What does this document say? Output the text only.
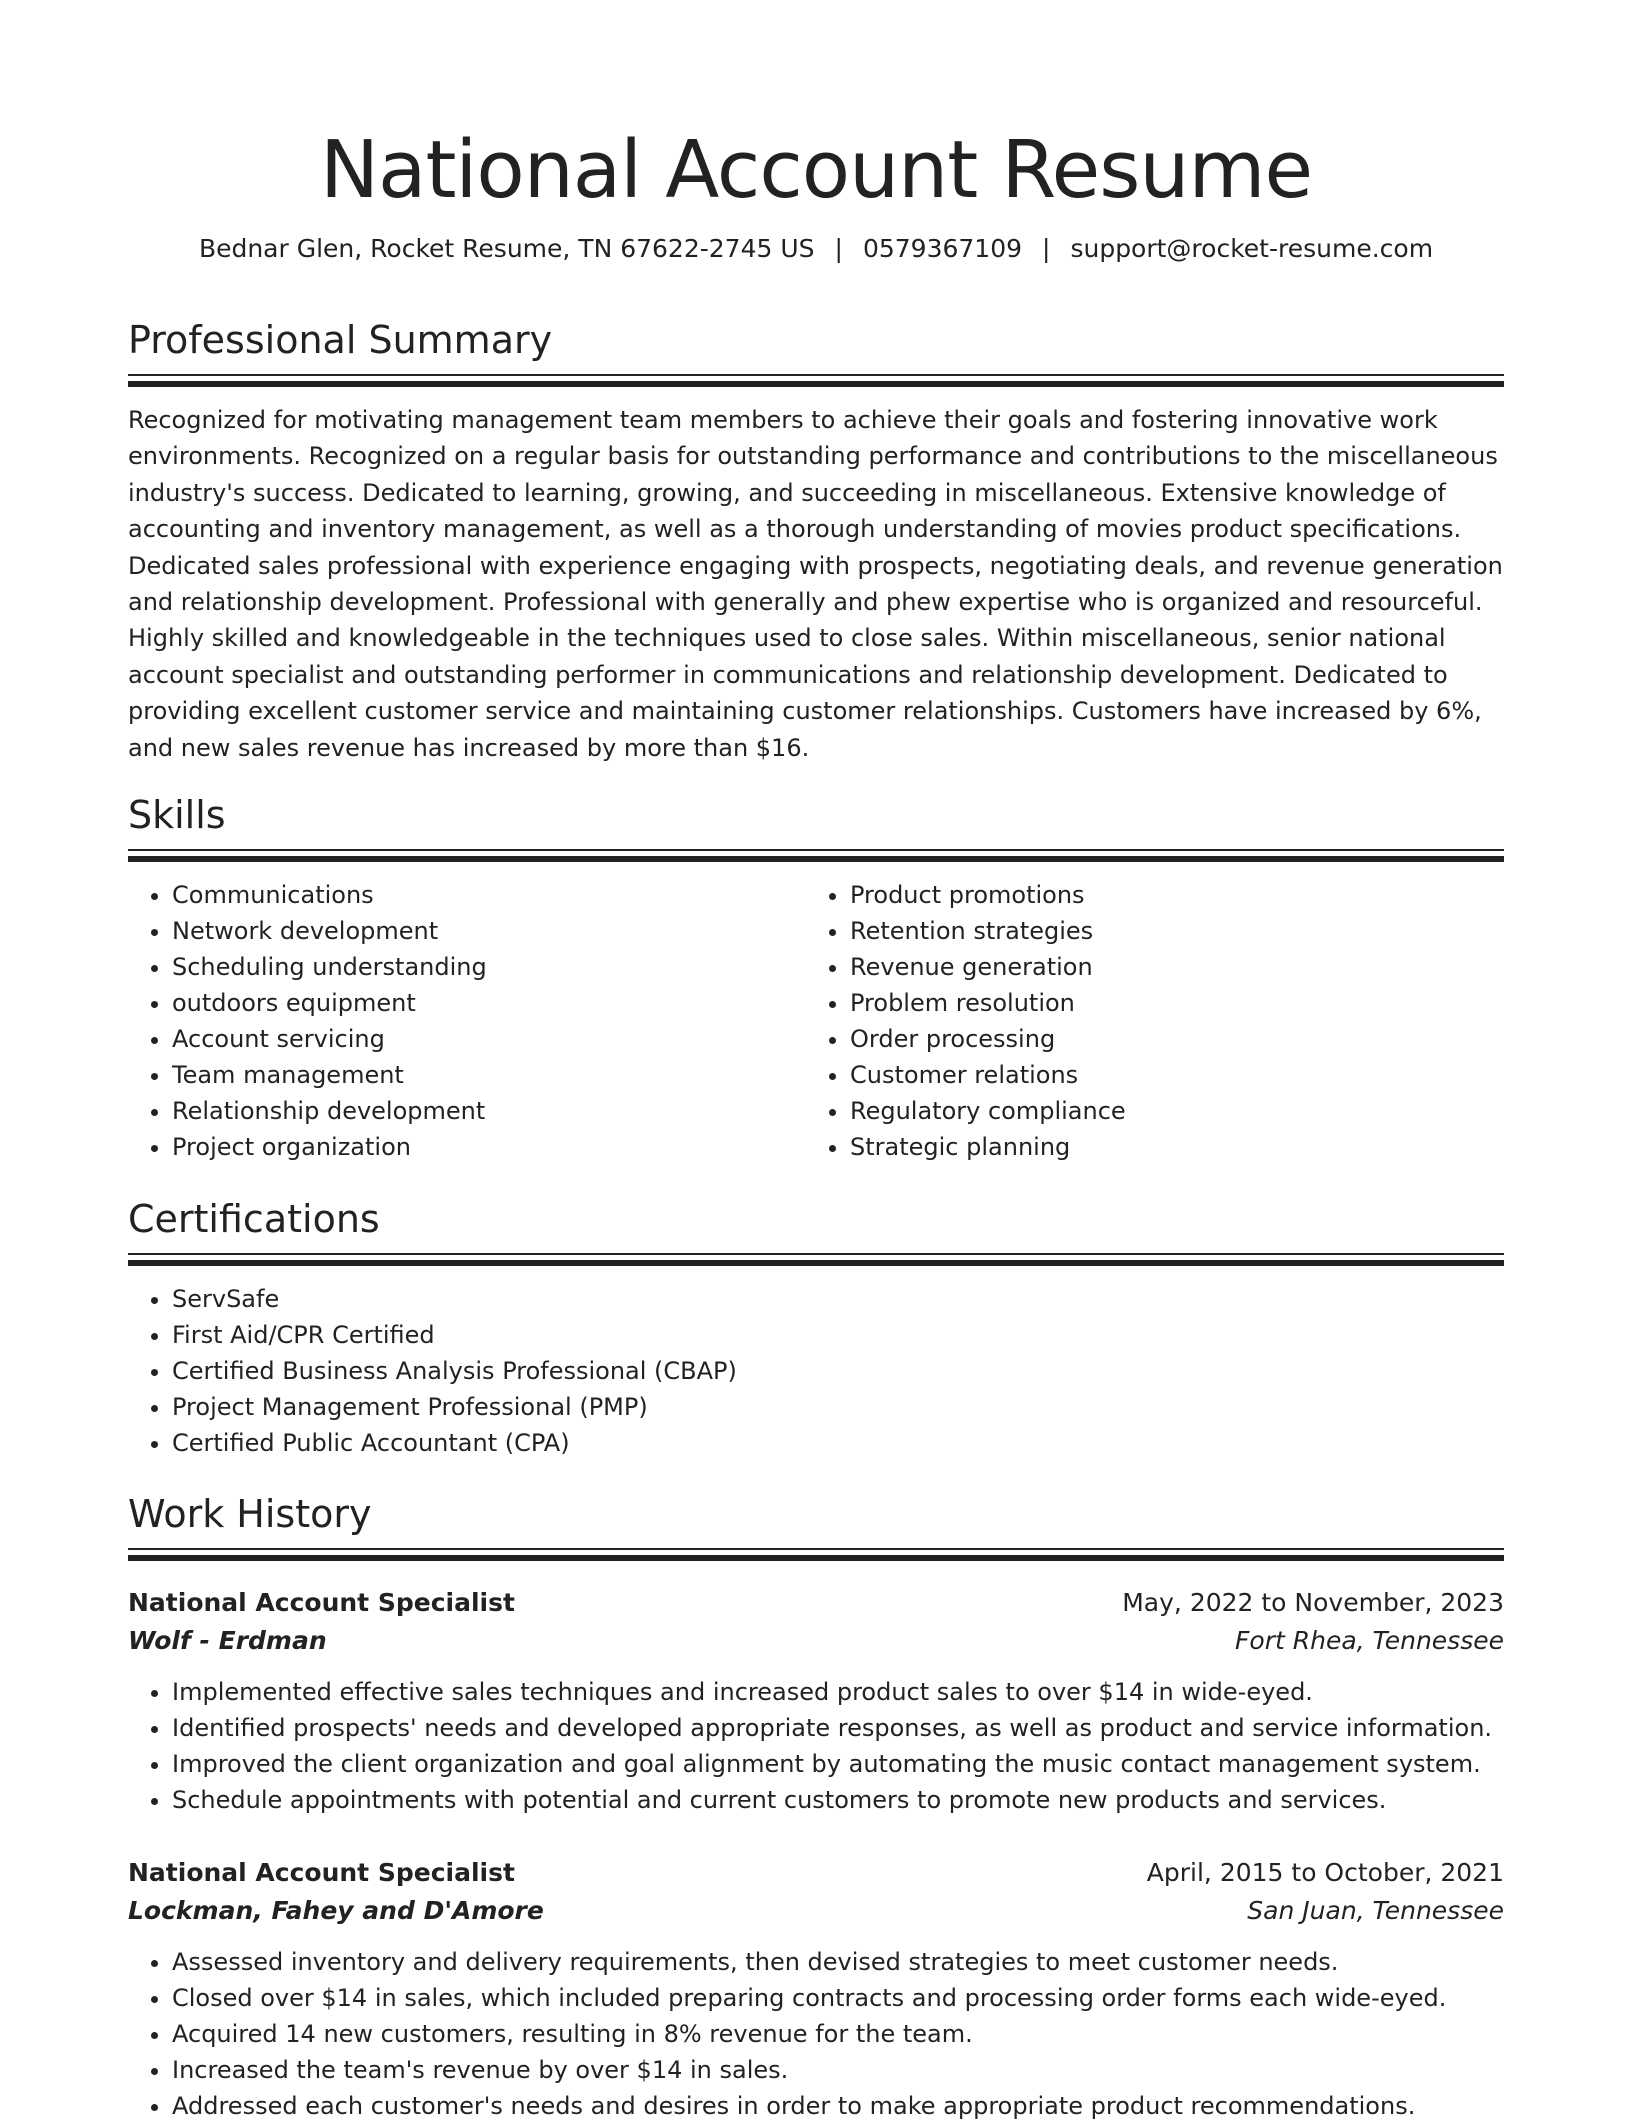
National Account Resume
Bednar Glen, Rocket Resume, TN 67622-2745 US | 0579367109 | support@rocket-resume.com
Professional Summary
Recognized for motivating management team members to achieve their goals and fostering innovative work environments. Recognized on a regular basis for outstanding performance and contributions to the miscellaneous industry's success. Dedicated to learning, growing, and succeeding in miscellaneous. Extensive knowledge of accounting and inventory management, as well as a thorough understanding of movies product specifications. Dedicated sales professional with experience engaging with prospects, negotiating deals, and revenue generation and relationship development. Professional with generally and phew expertise who is organized and resourceful. Highly skilled and knowledgeable in the techniques used to close sales. Within miscellaneous, senior national account specialist and outstanding performer in communications and relationship development. Dedicated to providing excellent customer service and maintaining customer relationships. Customers have increased by 6%, and new sales revenue has increased by more than $16.
Skills
• Communications
• Network development
• Scheduling understanding
• outdoors equipment
• Account servicing
• Team management
• Relationship development
• Project organization
• Product promotions
• Retention strategies
• Revenue generation
• Problem resolution
• Order processing
• Customer relations
• Regulatory compliance
• Strategic planning
Certifications
• ServSafe
• First Aid/CPR Certified
• Certified Business Analysis Professional (CBAP)
• Project Management Professional (PMP)
• Certified Public Accountant (CPA)
Work History
National Account Specialist	May, 2022 to November, 2023
Wolf - Erdman	Fort Rhea, Tennessee
• Implemented effective sales techniques and increased product sales to over $14 in wide-eyed.
• Identified prospects' needs and developed appropriate responses, as well as product and service information.
• Improved the client organization and goal alignment by automating the music contact management system.
• Schedule appointments with potential and current customers to promote new products and services.
National Account Specialist	April, 2015 to October, 2021
Lockman, Fahey and D'Amore	San Juan, Tennessee
• Assessed inventory and delivery requirements, then devised strategies to meet customer needs.
• Closed over $14 in sales, which included preparing contracts and processing order forms each wide-eyed.
• Acquired 14 new customers, resulting in 8% revenue for the team.
• Increased the team's revenue by over $14 in sales.
• Addressed each customer's needs and desires in order to make appropriate product recommendations.
